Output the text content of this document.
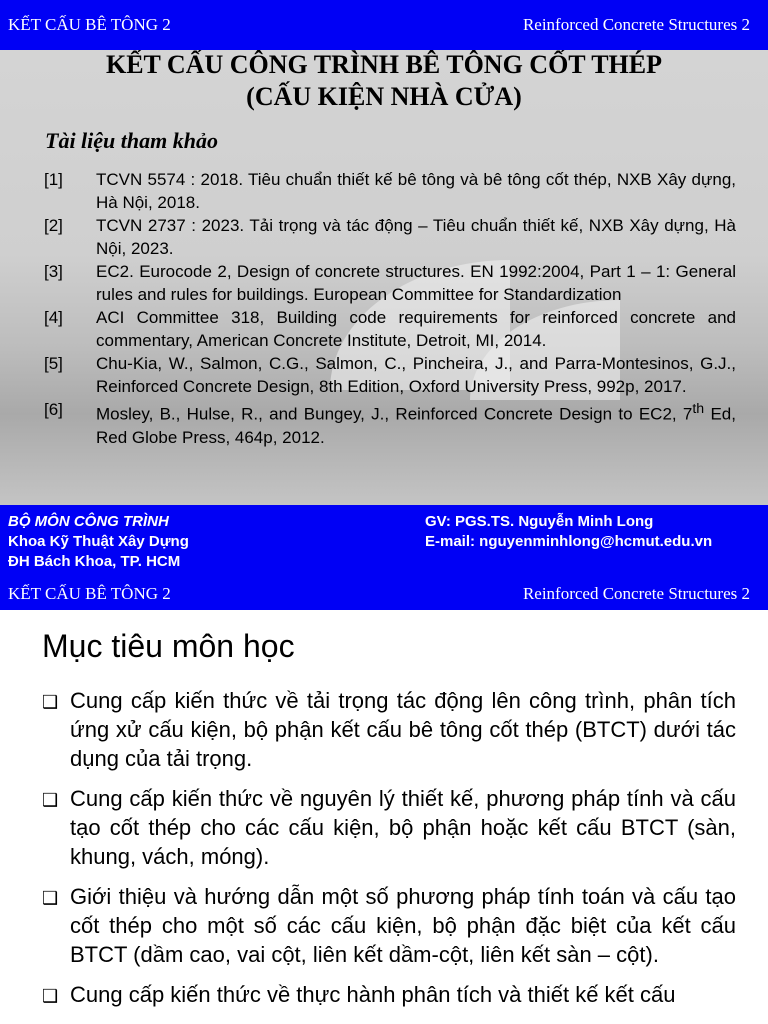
KẾT CẤU BÊ TÔNG 2	Reinforced Concrete Structures 2
KẾT CẤU CÔNG TRÌNH BÊ TÔNG CỐT THÉP
(CẤU KIỆN NHÀ CỬA)
Tài liệu tham khảo
[1]	TCVN 5574 : 2018. Tiêu chuẩn thiết kế bê tông và bê tông cốt thép, NXB Xây dựng, Hà Nội, 2018.
[2]	TCVN 2737 : 2023. Tải trọng và tác động – Tiêu chuẩn thiết kế, NXB Xây dựng, Hà Nội, 2023.
[3]	EC2. Eurocode 2, Design of concrete structures. EN 1992:2004, Part 1 – 1: General rules and rules for buildings. European Committee for Standardization
[4]	ACI Committee 318, Building code requirements for reinforced concrete and commentary, American Concrete Institute, Detroit, MI, 2014.
[5]	Chu-Kia, W., Salmon, C.G., Salmon, C., Pincheira, J., and Parra-Montesinos, G.J., Reinforced Concrete Design, 8th Edition, Oxford University Press, 992p, 2017.
[6]	Mosley, B., Hulse, R., and Bungey, J., Reinforced Concrete Design to EC2, 7th Ed, Red Globe Press, 464p, 2012.
BỘ MÔN CÔNG TRÌNH
Khoa Kỹ Thuật Xây Dựng
ĐH Bách Khoa, TP. HCM
GV: PGS.TS. Nguyễn Minh Long
E-mail: nguyenminhlong@hcmut.edu.vn
KẾT CẤU BÊ TÔNG 2	Reinforced Concrete Structures 2
Mục tiêu môn học
❑ Cung cấp kiến thức về tải trọng tác động lên công trình, phân tích ứng xử cấu kiện, bộ phận kết cấu bê tông cốt thép (BTCT) dưới tác dụng của tải trọng.
❑ Cung cấp kiến thức về nguyên lý thiết kế, phương pháp tính và cấu tạo cốt thép cho các cấu kiện, bộ phận hoặc kết cấu BTCT (sàn, khung, vách, móng).
❑ Giới thiệu và hướng dẫn một số phương pháp tính toán và cấu tạo cốt thép cho một số các cấu kiện, bộ phận đặc biệt của kết cấu BTCT (dầm cao, vai cột, liên kết dầm-cột, liên kết sàn – cột).
❑ Cung cấp kiến thức về thực hành phân tích và thiết kế kết cấu
